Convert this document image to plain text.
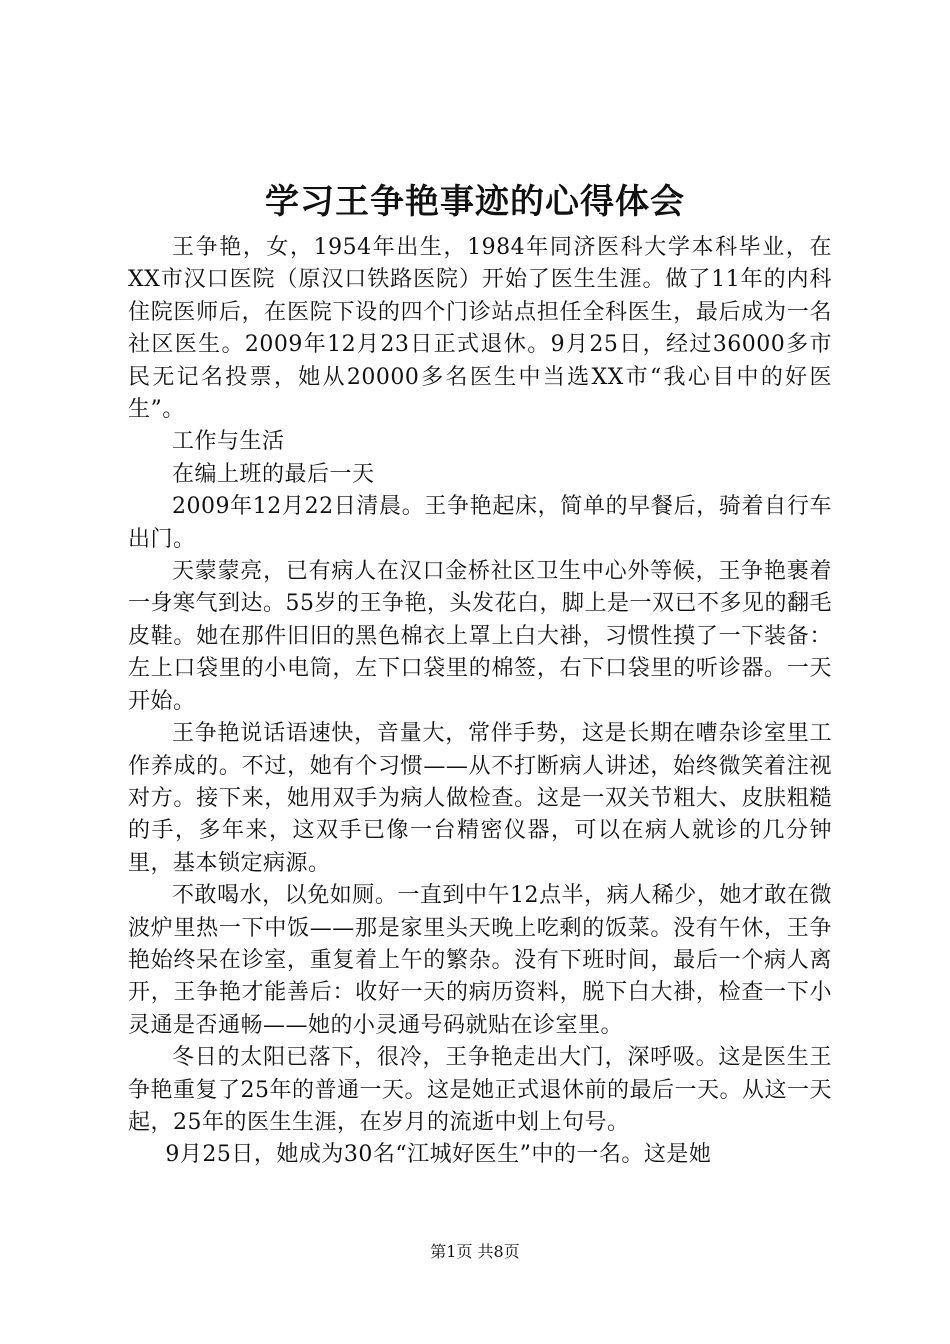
学习王争艳事迹的心得体会

王争艳，女，1954年出生，1984年同济医科大学本科毕业，在XX市汉口医院（原汉口铁路医院）开始了医生生涯。做了11年的内科住院医师后，在医院下设的四个门诊站点担任全科医生，最后成为一名社区医生。2009年12月23日正式退休。9月25日，经过36000多市民无记名投票，她从20000多名医生中当选XX市“我心目中的好医生”。

工作与生活

在编上班的最后一天

2009年12月22日清晨。王争艳起床，简单的早餐后，骑着自行车出门。

天蒙蒙亮，已有病人在汉口金桥社区卫生中心外等候，王争艳裹着一身寒气到达。55岁的王争艳，头发花白，脚上是一双已不多见的翻毛皮鞋。她在那件旧旧的黑色棉衣上罩上白大褂，习惯性摸了一下装备：左上口袋里的小电筒，左下口袋里的棉签，右下口袋里的听诊器。一天开始。

王争艳说话语速快，音量大，常伴手势，这是长期在嘈杂诊室里工作养成的。不过，她有个习惯——从不打断病人讲述，始终微笑着注视对方。接下来，她用双手为病人做检查。这是一双关节粗大、皮肤粗糙的手，多年来，这双手已像一台精密仪器，可以在病人就诊的几分钟里，基本锁定病源。

不敢喝水，以免如厕。一直到中午12点半，病人稀少，她才敢在微波炉里热一下中饭——那是家里头天晚上吃剩的饭菜。没有午休，王争艳始终呆在诊室，重复着上午的繁杂。没有下班时间，最后一个病人离开，王争艳才能善后：收好一天的病历资料，脱下白大褂，检查一下小灵通是否通畅——她的小灵通号码就贴在诊室里。

冬日的太阳已落下，很冷，王争艳走出大门，深呼吸。这是医生王争艳重复了25年的普通一天。这是她正式退休前的最后一天。从这一天起，25年的医生生涯，在岁月的流逝中划上句号。

9月25日，她成为30名“江城好医生”中的一名。这是她

第1页 共8页
